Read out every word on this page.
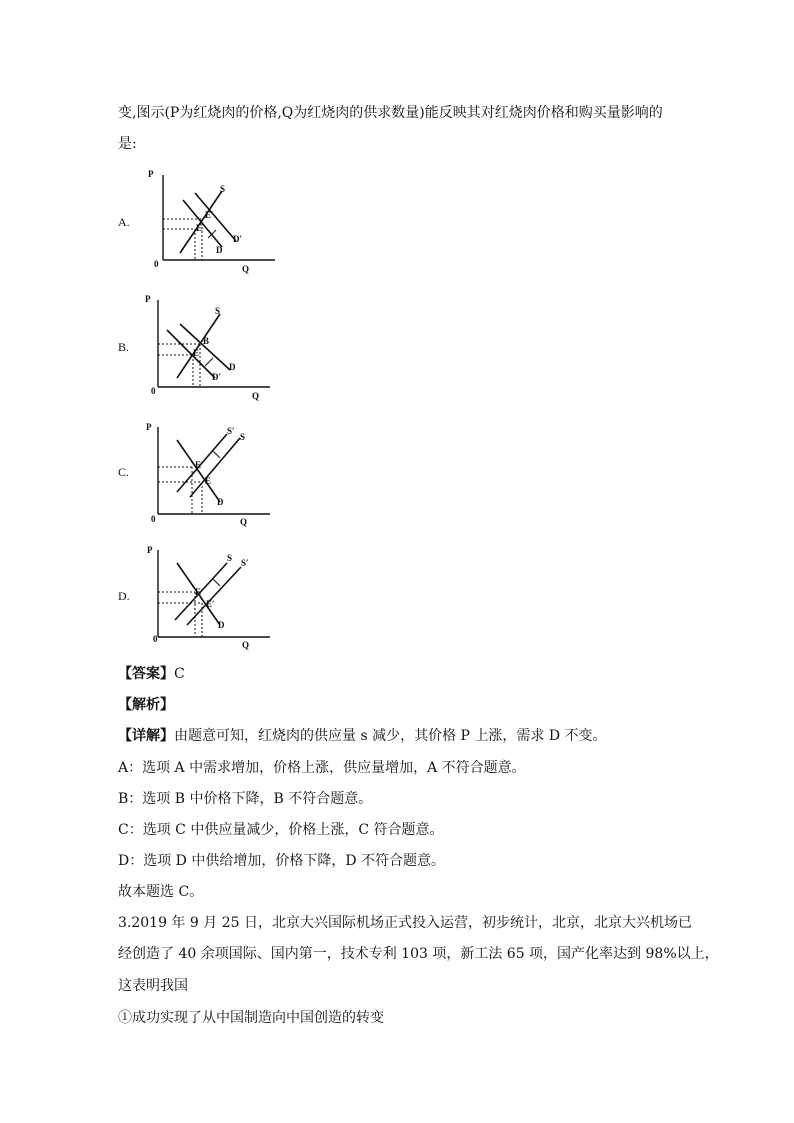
变,图示(P为红烧肉的价格,Q为红烧肉的供求数量)能反映其对红烧肉价格和购买量影响的
是:
A.
P
Q
0
S
E′
E
D′
D
B.
P
Q
0
S
B
E
D
D′
C.
P
Q
0
S′
S
E′
E
D
D.
P
Q
0
S S′
E
E′
D
【答案】C
【解析】
【详解】由题意可知，红烧肉的供应量 s 减少，其价格 P 上涨，需求 D 不变。
A：选项 A 中需求增加，价格上涨，供应量增加，A 不符合题意。
B：选项 B 中价格下降，B 不符合题意。
C：选项 C 中供应量减少，价格上涨，C 符合题意。
D：选项 D 中供给增加，价格下降，D 不符合题意。
故本题选 C。
3.2019 年 9 月 25 日，北京大兴国际机场正式投入运营，初步统计，北京，北京大兴机场已
经创造了 40 余项国际、国内第一，技术专利 103 项，新工法 65 项，国产化率达到 98%以上，
这表明我国
①成功实现了从中国制造向中国创造的转变
